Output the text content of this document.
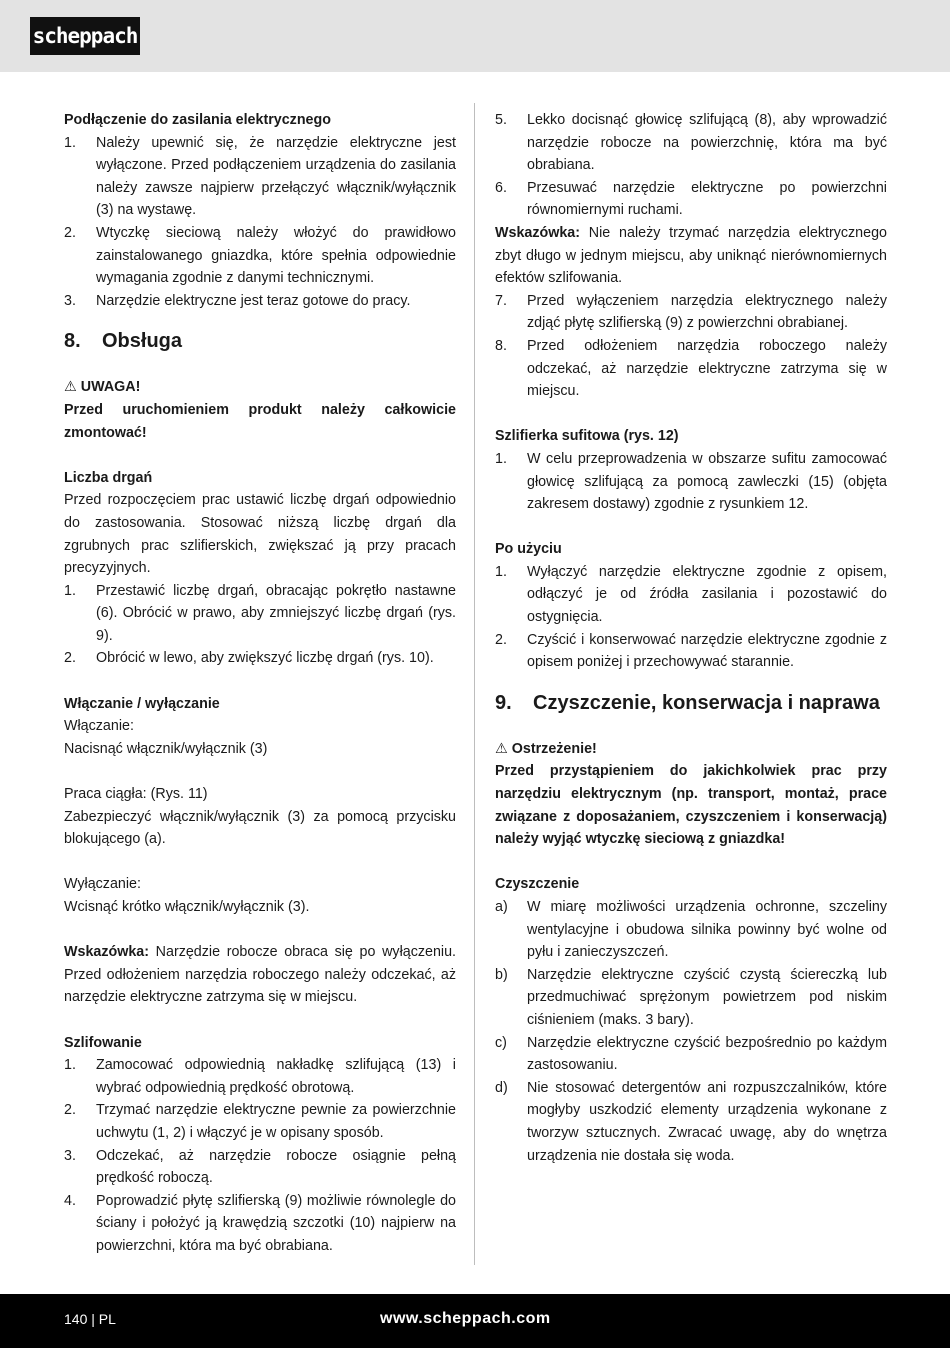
scheppach

Podłączenie do zasilania elektrycznego

1.	Należy upewnić się, że narzędzie elektryczne jest wyłączone. Przed podłączeniem urządzenia do zasilania należy zawsze najpierw przełączyć włącznik/wyłącznik (3) na wystawę.
2.	Wtyczkę sieciową należy włożyć do prawidłowo zainstalowanego gniazdka, które spełnia odpowiednie wymagania zgodnie z danymi technicznymi.
3.	Narzędzie elektryczne jest teraz gotowe do pracy.
8. Obsługa

⚠ UWAGA!

Przed uruchomieniem produkt należy całkowicie zmontować!

Liczba drgań

Przed rozpoczęciem prac ustawić liczbę drgań odpowiednio do zastosowania. Stosować niższą liczbę drgań dla zgrubnych prac szlifierskich, zwiększać ją przy pracach precyzyjnych.

1.	Przestawić liczbę drgań, obracając pokrętło nastawne (6). Obrócić w prawo, aby zmniejszyć liczbę drgań (rys. 9).
2.	Obrócić w lewo, aby zwiększyć liczbę drgań (rys. 10).

Włączanie / wyłączanie

Włączanie:

Nacisnąć włącznik/wyłącznik (3)

Praca ciągła: (Rys. 11)

Zabezpieczyć włącznik/wyłącznik (3) za pomocą przycisku blokującego (a).

Wyłączanie:

Wcisnąć krótko włącznik/wyłącznik (3).

Wskazówka: Narzędzie robocze obraca się po wyłączeniu. Przed odłożeniem narzędzia roboczego należy odczekać, aż narzędzie elektryczne zatrzyma się w miejscu.

Szlifowanie

1.	Zamocować odpowiednią nakładkę szlifującą (13) i wybrać odpowiednią prędkość obrotową.
2.	Trzymać narzędzie elektryczne pewnie za powierzchnie uchwytu (1, 2) i włączyć je w opisany sposób.
3.	Odczekać, aż narzędzie robocze osiągnie pełną prędkość roboczą.
4.	Poprowadzić płytę szlifierską (9) możliwie równolegle do ściany i położyć ją krawędzią szczotki (10) najpierw na powierzchni, która ma być obrabiana.
5.	Lekko docisnąć głowicę szlifującą (8), aby wprowadzić narzędzie robocze na powierzchnię, która ma być obrabiana.
6.	Przesuwać narzędzie elektryczne po powierzchni równomiernymi ruchami.

Wskazówka: Nie należy trzymać narzędzia elektrycznego zbyt długo w jednym miejscu, aby uniknąć nierównomiernych efektów szlifowania.

7.	Przed wyłączeniem narzędzia elektrycznego należy zdjąć płytę szlifierską (9) z powierzchni obrabianej.
8.	Przed odłożeniem narzędzia roboczego należy odczekać, aż narzędzie elektryczne zatrzyma się w miejscu.

Szlifierka sufitowa (rys. 12)

1.	W celu przeprowadzenia w obszarze sufitu zamocować głowicę szlifującą za pomocą zawleczki (15) (objęta zakresem dostawy) zgodnie z rysunkiem 12.

Po użyciu

1.	Wyłączyć narzędzie elektryczne zgodnie z opisem, odłączyć je od źródła zasilania i pozostawić do ostygnięcia.
2.	Czyścić i konserwować narzędzie elektryczne zgodnie z opisem poniżej i przechowywać starannie.
9. Czyszczenie, konserwacja i naprawa

⚠ Ostrzeżenie!

Przed przystąpieniem do jakichkolwiek prac przy narzędziu elektrycznym (np. transport, montaż, prace związane z doposażaniem, czyszczeniem i konserwacją) należy wyjąć wtyczkę sieciową z gniazdka!

Czyszczenie

a)	W miarę możliwości urządzenia ochronne, szczeliny wentylacyjne i obudowa silnika powinny być wolne od pyłu i zanieczyszczeń.
b)	Narzędzie elektryczne czyścić czystą ściereczką lub przedmuchiwać sprężonym powietrzem pod niskim ciśnieniem (maks. 3 bary).
c)	Narzędzie elektryczne czyścić bezpośrednio po każdym zastosowaniu.
d)	Nie stosować detergentów ani rozpuszczalników, które mogłyby uszkodzić elementy urządzenia wykonane z tworzyw sztucznych. Zwracać uwagę, aby do wnętrza urządzenia nie dostała się woda.
140 | PL	www.scheppach.com
